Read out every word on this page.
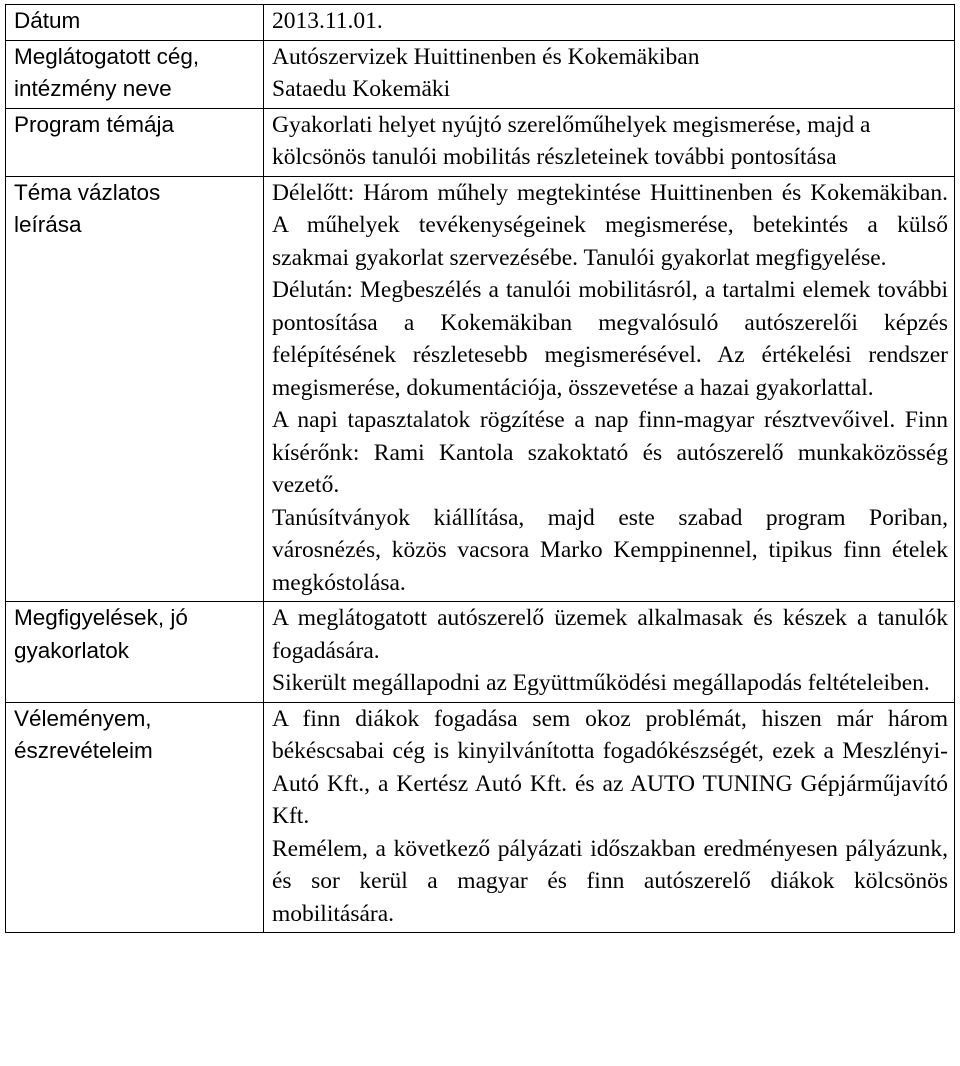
Dátum	2013.11.01.

Meglátogatott cég,
intézmény neve	Autószervizek Huittinenben és Kokemäkiban
Sataedu Kokemäki

Program témája	Gyakorlati helyet nyújtó szerelőműhelyek megismerése, majd a kölcsönös tanulói mobilitás részleteinek további pontosítása

Téma vázlatos
leírása	Délelőtt: Három műhely megtekintése Huittinenben és Kokemäkiban. A műhelyek tevékenységeinek megismerése, betekintés a külső szakmai gyakorlat szervezésébe. Tanulói gyakorlat megfigyelése.
Délután: Megbeszélés a tanulói mobilitásról, a tartalmi elemek további pontosítása a Kokemäkiban megvalósuló autószerelői képzés felépítésének részletesebb megismerésével. Az értékelési rendszer megismerése, dokumentációja, összevetése a hazai gyakorlattal.
A napi tapasztalatok rögzítése a nap finn-magyar résztvevőivel. Finn kísérőnk: Rami Kantola szakoktató és autószerelő munkaközösség vezető.
Tanúsítványok kiállítása, majd este szabad program Poriban, városnézés, közös vacsora Marko Kemppinennel, tipikus finn ételek megkóstolása.

Megfigyelések, jó
gyakorlatok	A meglátogatott autószerelő üzemek alkalmasak és készek a tanulók fogadására.
Sikerült megállapodni az Együttműködési megállapodás feltételeiben.

Véleményem,
észrevételeim	A finn diákok fogadása sem okoz problémát, hiszen már három békéscsabai cég is kinyilvánította fogadókészségét, ezek a Meszlényi-Autó Kft., a Kertész Autó Kft. és az AUTO TUNING Gépjárműjavító Kft.
Remélem, a következő pályázati időszakban eredményesen pályázunk, és sor kerül a magyar és finn autószerelő diákok kölcsönös mobilitására.
